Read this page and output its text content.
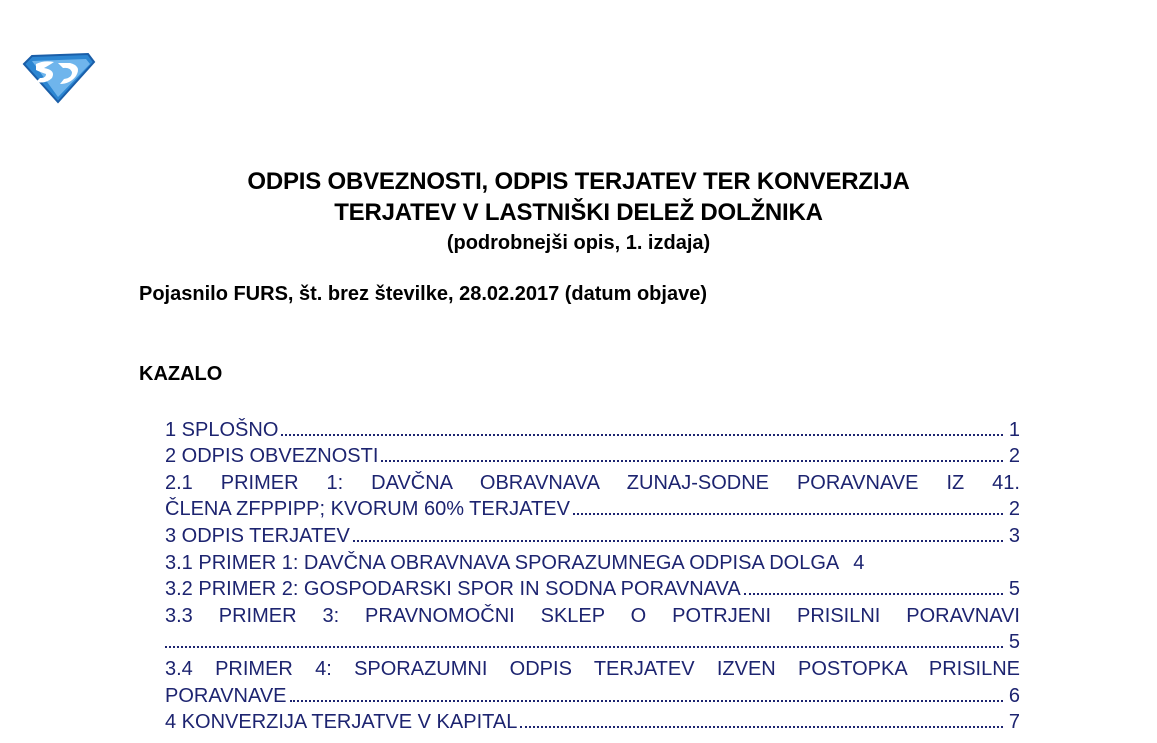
ODPIS OBVEZNOSTI, ODPIS TERJATEV TER KONVERZIJA
TERJATEV V LASTNIŠKI DELEŽ DOLŽNIKA
(podrobnejši opis, 1. izdaja)
Pojasnilo FURS, št. brez številke, 28.02.2017 (datum objave)
KAZALO
1 SPLOŠNO	1
2 ODPIS OBVEZNOSTI	2
2.1 PRIMER 1: DAVČNA OBRAVNAVA ZUNAJ-SODNE PORAVNAVE IZ 41.
ČLENA ZFPPIPP; KVORUM 60% TERJATEV	2
3 ODPIS TERJATEV	3
3.1 PRIMER 1: DAVČNA OBRAVNAVA SPORAZUMNEGA ODPISA DOLGA 4
3.2 PRIMER 2: GOSPODARSKI SPOR IN SODNA PORAVNAVA	5
3.3 PRIMER 3: PRAVNOMOČNI SKLEP O POTRJENI PRISILNI PORAVNAVI
5
3.4 PRIMER 4: SPORAZUMNI ODPIS TERJATEV IZVEN POSTOPKA PRISILNE
PORAVNAVE	6
4 KONVERZIJA TERJATVE V KAPITAL	7
